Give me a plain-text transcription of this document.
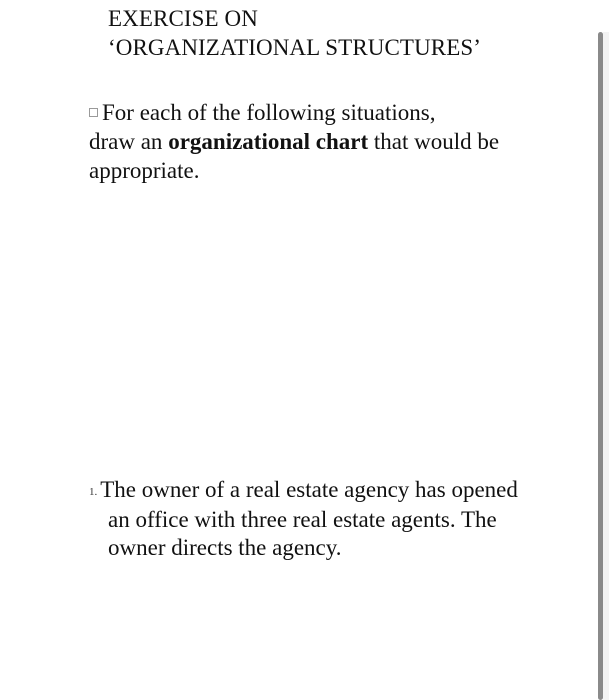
EXERCISE ON
‘ORGANIZATIONAL STRUCTURES’
For each of the following situations,
draw an organizational chart that would be
appropriate.
1. The owner of a real estate agency has opened
an office with three real estate agents. The
owner directs the agency.
